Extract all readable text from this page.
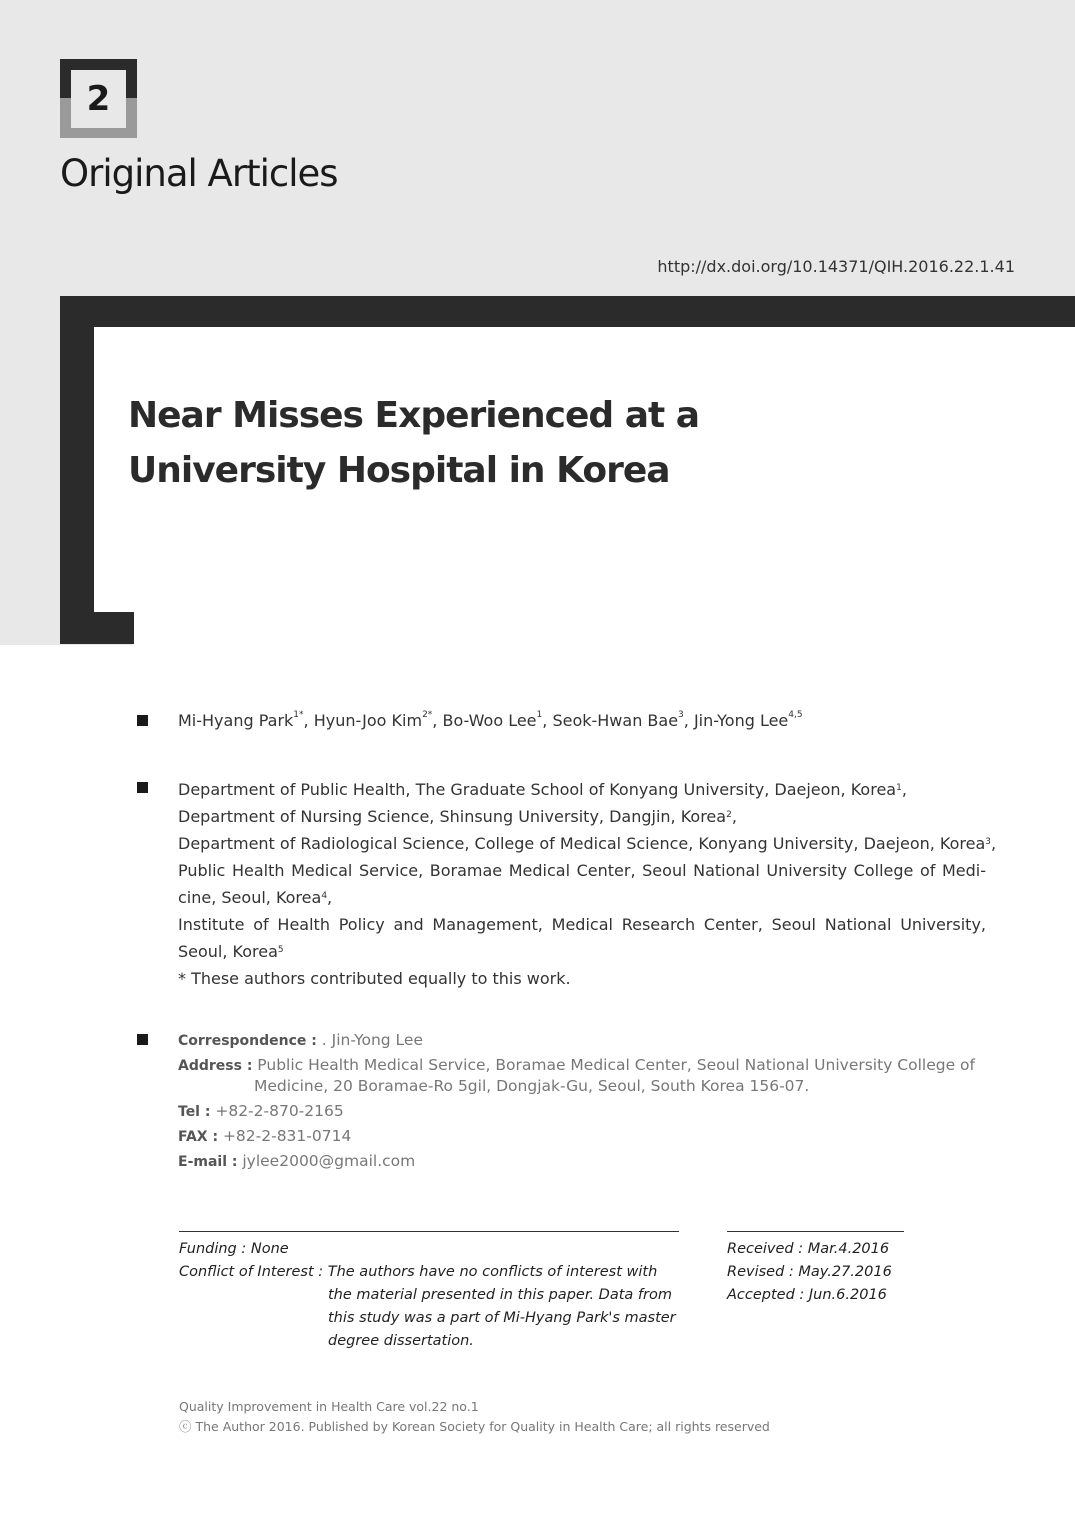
2
Original Articles
http://dx.doi.org/10.14371/QIH.2016.22.1.41
Near Misses Experienced at a
University Hospital in Korea
Mi-Hyang Park$^{1*}$, Hyun-Joo Kim$^{2*}$, Bo-Woo Lee$^1$, Seok-Hwan Bae$^3$, Jin-Yong Lee$^{4,5}$
Department of Public Health, The Graduate School of Konyang University, Daejeon, Korea$^1$,
Department of Nursing Science, Shinsung University, Dangjin, Korea$^2$,
Department of Radiological Science, College of Medical Science, Konyang University, Daejeon, Korea$^3$,
Public Health Medical Service, Boramae Medical Center, Seoul National University College of Medi-
cine, Seoul, Korea$^4$,
Institute of Health Policy and Management, Medical Research Center, Seoul National University,
Seoul, Korea$^5$
* These authors contributed equally to this work.
Correspondence : . Jin-Yong Lee
Address : Public Health Medical Service, Boramae Medical Center, Seoul National University College of
Medicine, 20 Boramae-Ro 5gil, Dongjak-Gu, Seoul, South Korea 156-07.
Tel : +82-2-870-2165
FAX : +82-2-831-0714
E-mail : jylee2000@gmail.com
Funding : None
Conflict of Interest : The authors have no conflicts of interest with
the material presented in this paper. Data from
this study was a part of Mi-Hyang Park's master
degree dissertation.
Received : Mar.4.2016
Revised : May.27.2016
Accepted : Jun.6.2016
Quality Improvement in Health Care vol.22 no.1
ⓒ The Author 2016. Published by Korean Society for Quality in Health Care; all rights reserved
